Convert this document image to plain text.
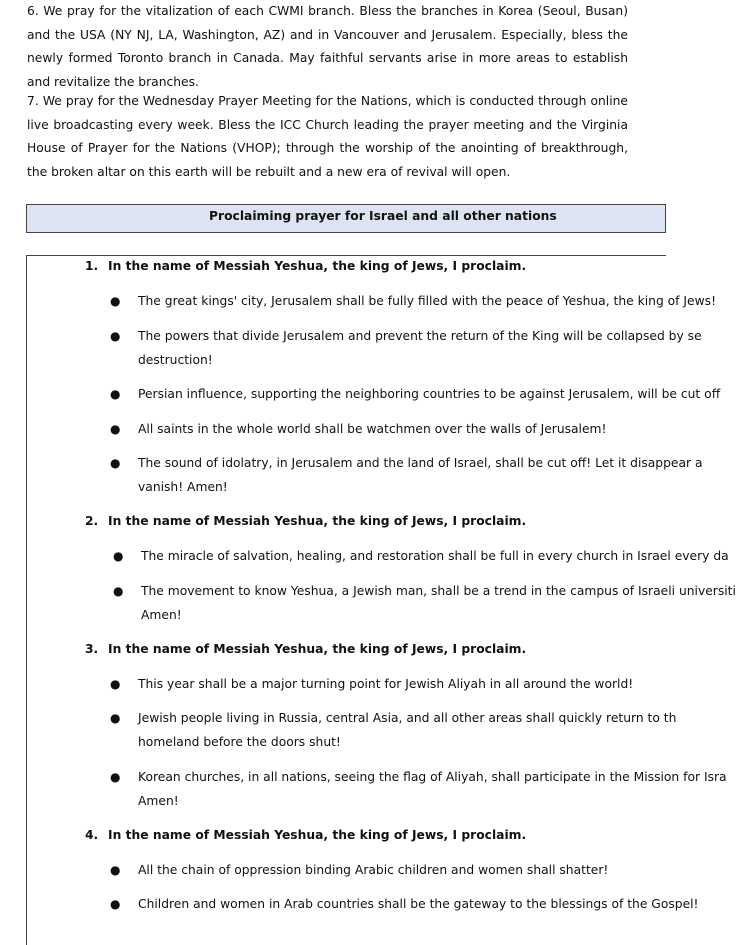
6. We pray for the vitalization of each CWMI branch. Bless the branches in Korea (Seoul, Busan) and the USA (NY NJ, LA, Washington, AZ) and in Vancouver and Jerusalem. Especially, bless the newly formed Toronto branch in Canada. May faithful servants arise in more areas to establish and revitalize the branches.

7. We pray for the Wednesday Prayer Meeting for the Nations, which is conducted through online live broadcasting every week. Bless the ICC Church leading the prayer meeting and the Virginia House of Prayer for the Nations (VHOP); through the worship of the anointing of breakthrough, the broken altar on this earth will be rebuilt and a new era of revival will open.

Proclaiming prayer for Israel and all other nations
1. In the name of Messiah Yeshua, the king of Jews, I proclaim.
● The great kings' city, Jerusalem shall be fully filled with the peace of Yeshua, the king of Jews!
● The powers that divide Jerusalem and prevent the return of the King will be collapsed by se
destruction!
● Persian influence, supporting the neighboring countries to be against Jerusalem, will be cut off
● All saints in the whole world shall be watchmen over the walls of Jerusalem!
● The sound of idolatry, in Jerusalem and the land of Israel, shall be cut off! Let it disappear a
vanish! Amen!
2. In the name of Messiah Yeshua, the king of Jews, I proclaim.
● The miracle of salvation, healing, and restoration shall be full in every church in Israel every da
● The movement to know Yeshua, a Jewish man, shall be a trend in the campus of Israeli universiti
Amen!
3. In the name of Messiah Yeshua, the king of Jews, I proclaim.
● This year shall be a major turning point for Jewish Aliyah in all around the world!
● Jewish people living in Russia, central Asia, and all other areas shall quickly return to th
homeland before the doors shut!
● Korean churches, in all nations, seeing the flag of Aliyah, shall participate in the Mission for Isra
Amen!
4. In the name of Messiah Yeshua, the king of Jews, I proclaim.
● All the chain of oppression binding Arabic children and women shall shatter!
● Children and women in Arab countries shall be the gateway to the blessings of the Gospel!
